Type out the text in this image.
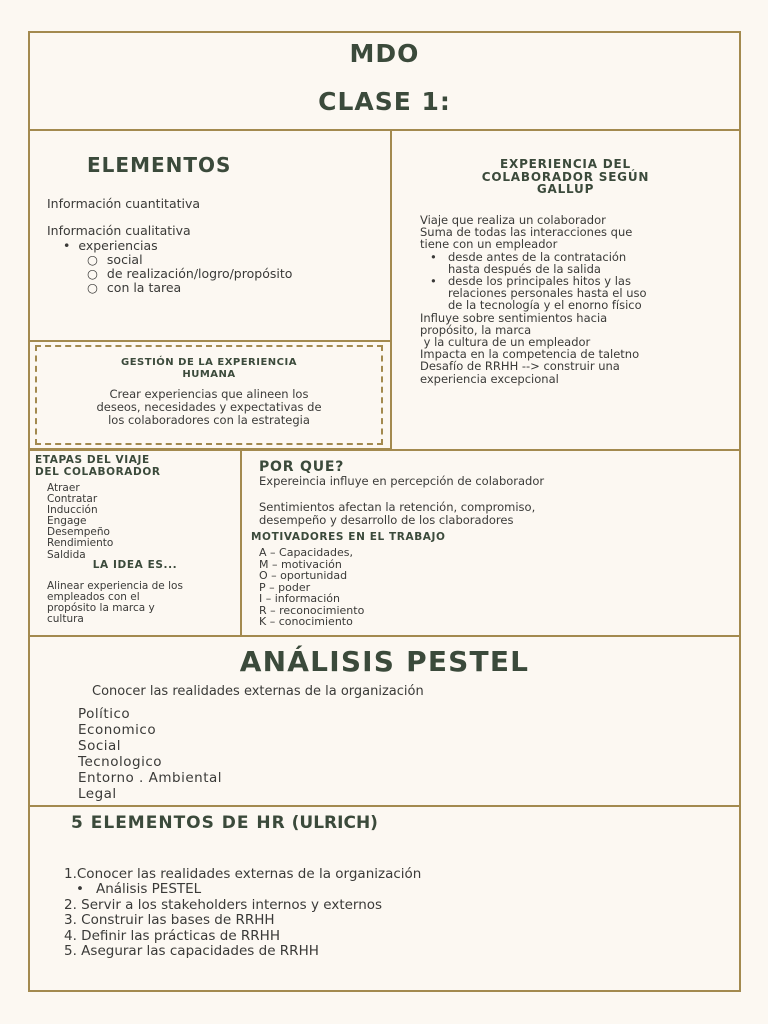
MDO
CLASE 1:
ELEMENTOS
Información cuantitativa
Información cualitativa
• experiencias
○ social
○ de realización/logro/propósito
○ con la tarea
GESTIÓN DE LA EXPERIENCIA
HUMANA
Crear experiencias que alineen los
deseos, necesidades y expectativas de
los colaboradores con la estrategia
EXPERIENCIA DEL
COLABORADOR SEGÚN
GALLUP
Viaje que realiza un colaborador
Suma de todas las interacciones que
tiene con un empleador
• desde antes de la contratación
hasta después de la salida
• desde los principales hitos y las
relaciones personales hasta el uso
de la tecnología y el enorno físico
Influye sobre sentimientos hacia
propósito, la marca
y la cultura de un empleador
Impacta en la competencia de taletno
Desafío de RRHH --> construir una
experiencia excepcional
ETAPAS DEL VIAJE
DEL COLABORADOR
Atraer
Contratar
Inducción
Engage
Desempeño
Rendimiento
Saldida
LA IDEA ES...
Alinear experiencia de los
empleados con el
propósito la marca y
cultura
POR QUE?
Expereincia influye en percepción de colaborador
Sentimientos afectan la retención, compromiso,
desempeño y desarrollo de los claboradores
MOTIVADORES EN EL TRABAJO
A – Capacidades,
M – motivación
O – oportunidad
P – poder
I – información
R – reconocimiento
K – conocimiento
ANÁLISIS PESTEL
Conocer las realidades externas de la organización
Político
Economico
Social
Tecnologico
Entorno . Ambiental
Legal
5 ELEMENTOS DE HR (ULRICH)
1.Conocer las realidades externas de la organización
• Análisis PESTEL
2. Servir a los stakeholders internos y externos
3. Construir las bases de RRHH
4. Definir las prácticas de RRHH
5. Asegurar las capacidades de RRHH
